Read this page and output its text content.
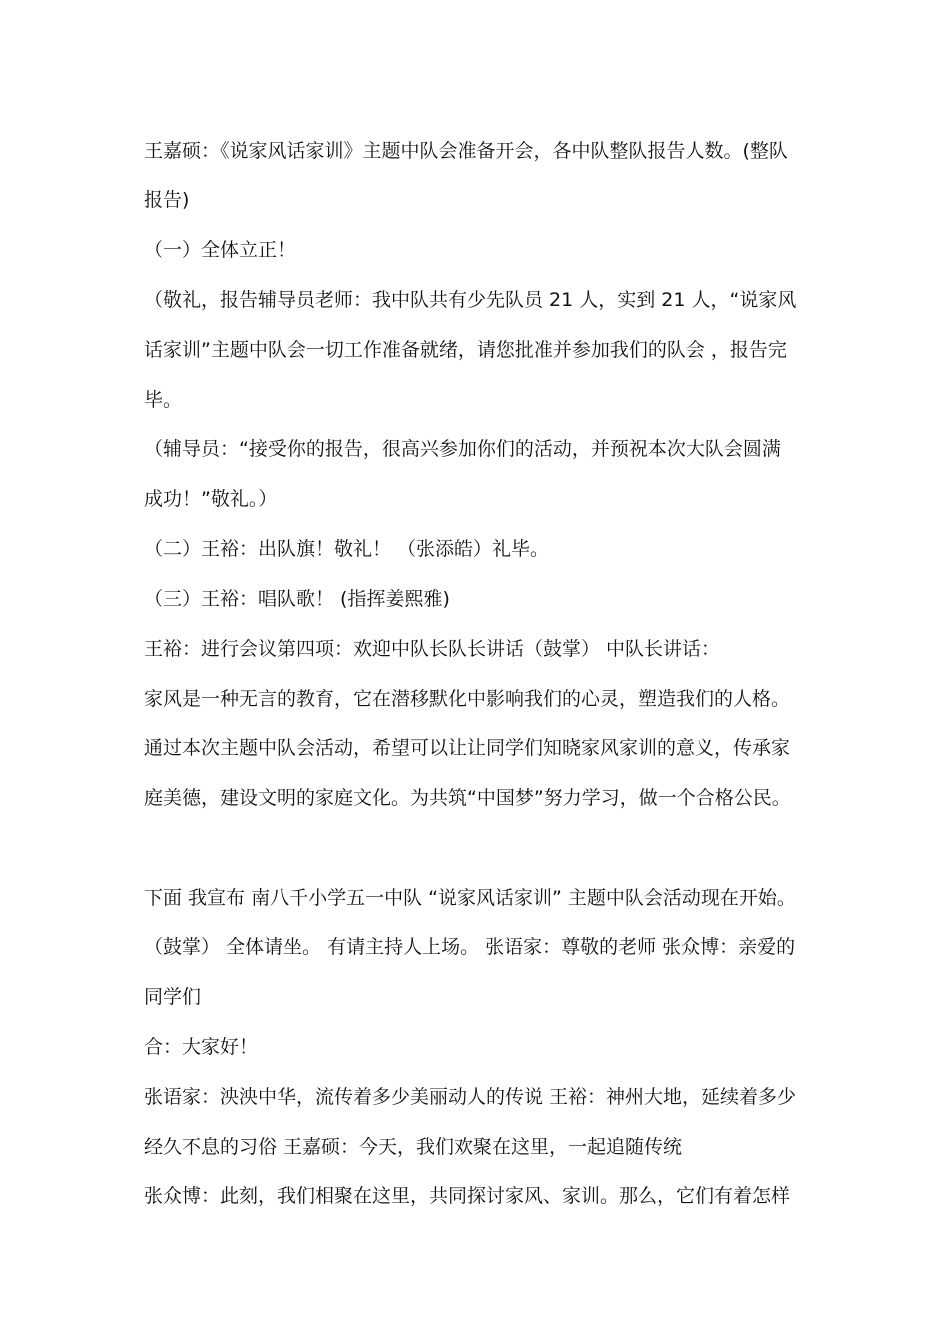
王嘉硕：《说家风话家训》主题中队会准备开会，各中队整队报告人数。(整队
报告)
（一）全体立正！
（敬礼，报告辅导员老师：我中队共有少先队员 21 人，实到 21 人，“说家风
话家训”主题中队会一切工作准备就绪，请您批准并参加我们的队会 ，报告完
毕。
（辅导员：“接受你的报告，很高兴参加你们的活动，并预祝本次大队会圆满
成功！”敬礼。）
（二）王裕：出队旗！敬礼！ （张添皓）礼毕。
（三）王裕：唱队歌！ (指挥姜熙雅)
王裕：进行会议第四项：欢迎中队长队长讲话（鼓掌） 中队长讲话：
家风是一种无言的教育，它在潜移默化中影响我们的心灵，塑造我们的人格。
通过本次主题中队会活动，希望可以让让同学们知晓家风家训的意义，传承家
庭美德，建设文明的家庭文化。为共筑“中国梦”努力学习，做一个合格公民。
下面 我宣布 南八千小学五一中队 “说家风话家训” 主题中队会活动现在开始。
（鼓掌） 全体请坐。 有请主持人上场。 张语家：尊敬的老师 张众博：亲爱的
同学们
合：大家好！
张语家：泱泱中华，流传着多少美丽动人的传说 王裕：神州大地，延续着多少
经久不息的习俗 王嘉硕：今天，我们欢聚在这里，一起追随传统
张众博：此刻，我们相聚在这里，共同探讨家风、家训。那么，它们有着怎样
